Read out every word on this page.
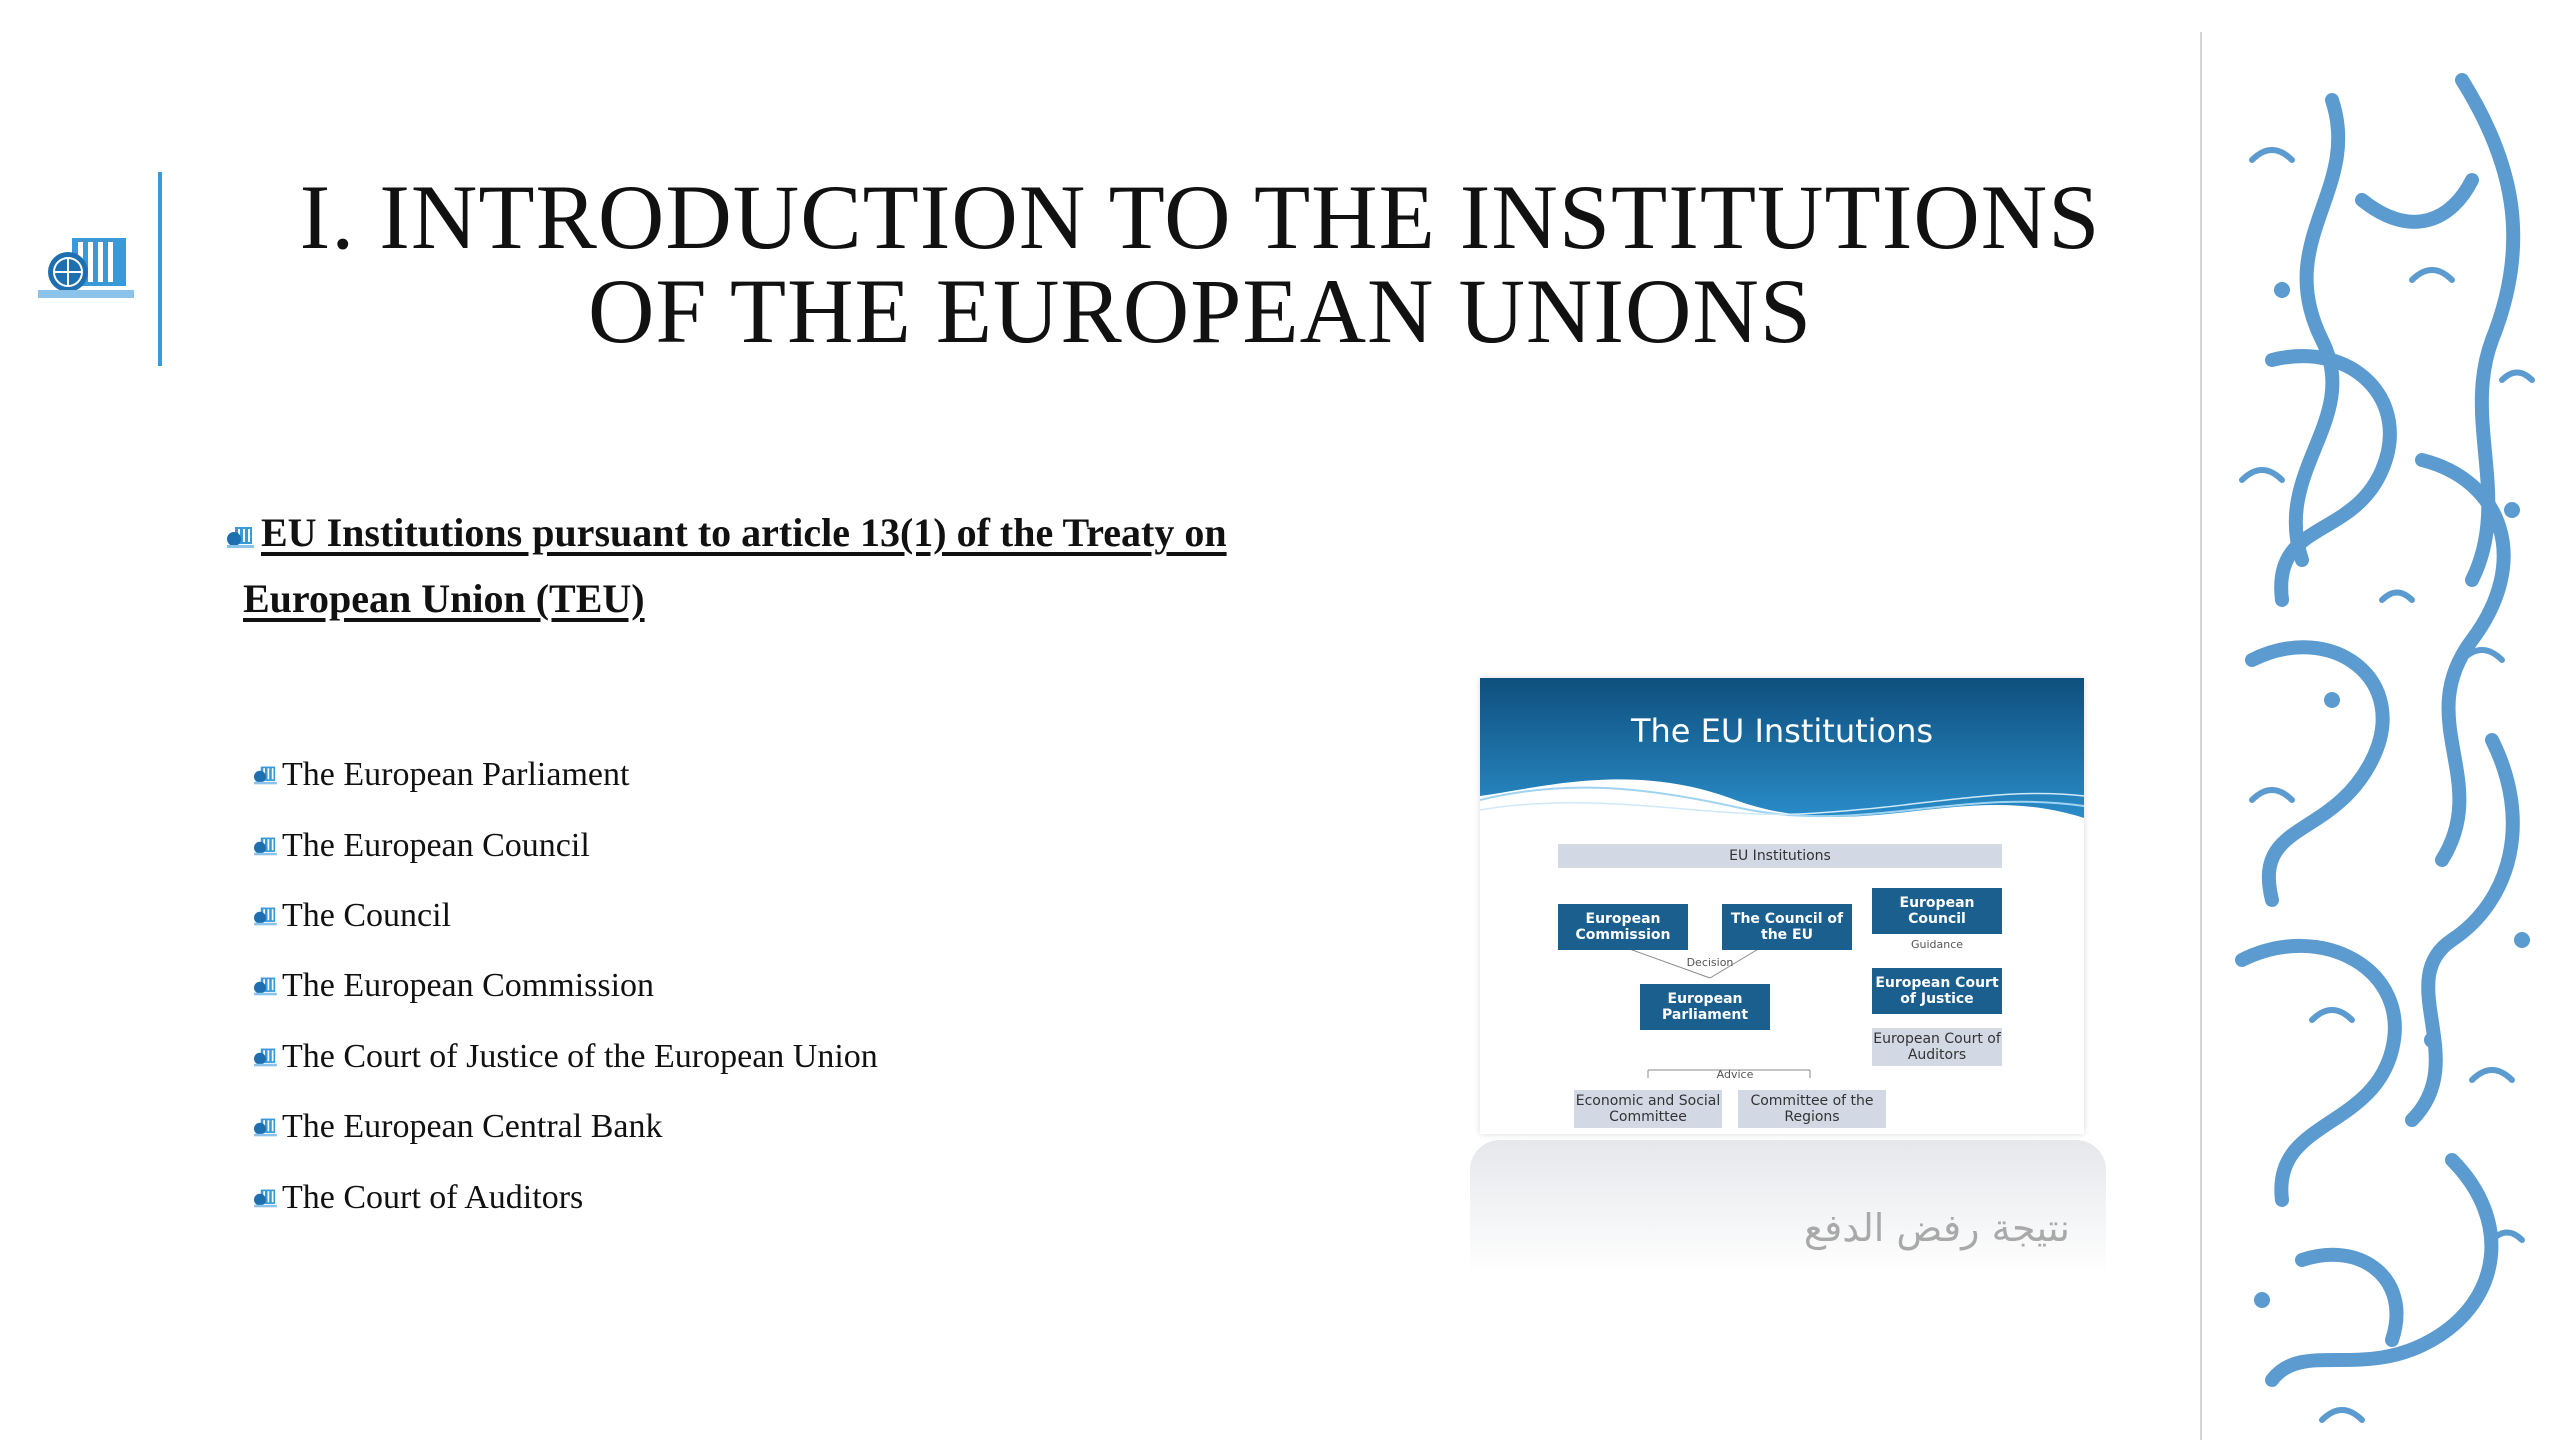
I. INTRODUCTION TO THE INSTITUTIONS
OF THE EUROPEAN UNIONS

EU Institutions pursuant to article 13(1) of the Treaty on
European Union (TEU)

The European Parliament
The European Council
The Council
The European Commission
The Court of Justice of the European Union
The European Central Bank
The Court of Auditors
The EU Institutions
EU Institutions
European Commission
The Council of the EU
European Council
Guidance
Decision
European Parliament
European Court of Justice
European Court of Auditors
Advice
Economic and Social Committee
Committee of the Regions
نتيجة رفض الدفع
